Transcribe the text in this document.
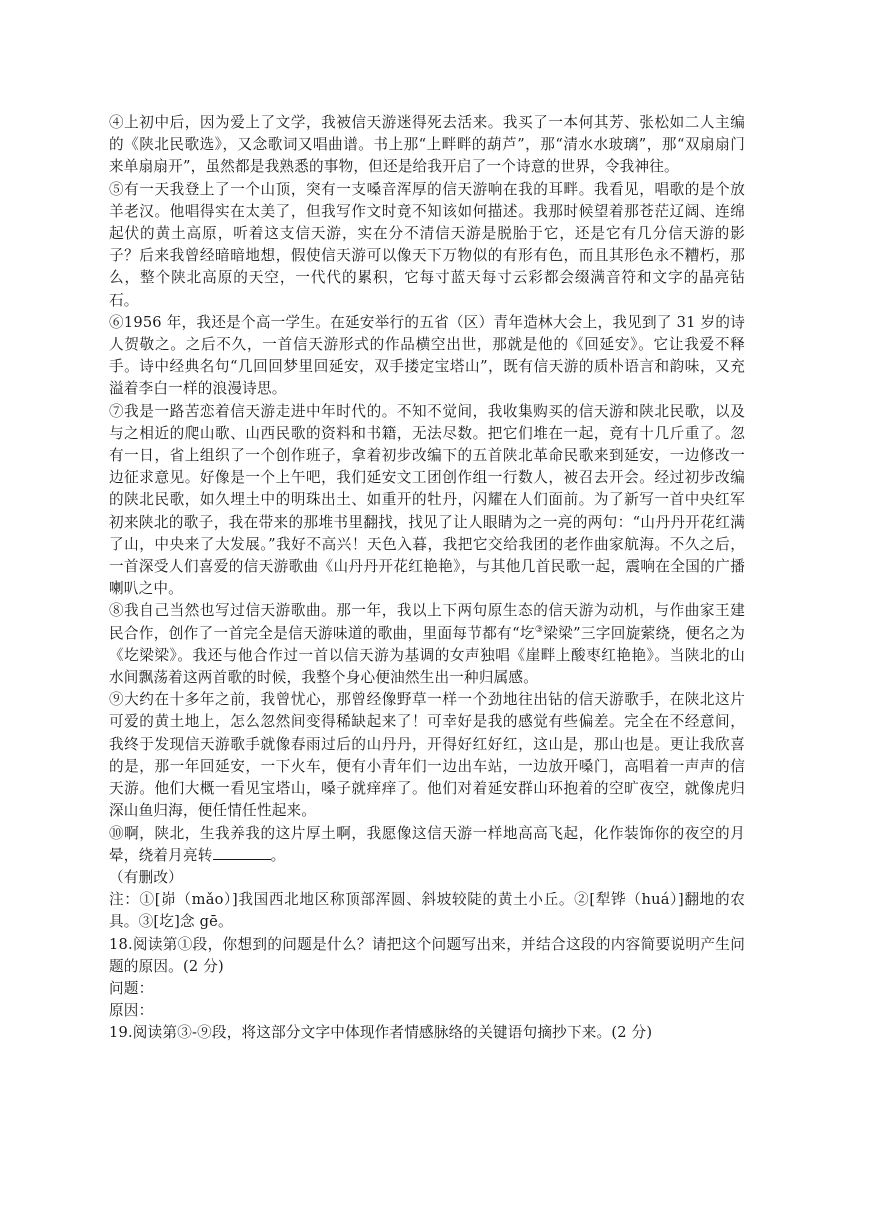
④上初中后，因为爱上了文学，我被信天游迷得死去活来。我买了一本何其芳、张松如二人主编的《陕北民歌选》，又念歌词又唱曲谱。书上那“上畔畔的葫芦”，那“清水水玻璃”，那“双扇扇门来单扇扇开”，虽然都是我熟悉的事物，但还是给我开启了一个诗意的世界，令我神往。

⑤有一天我登上了一个山顶，突有一支嗓音浑厚的信天游响在我的耳畔。我看见，唱歌的是个放羊老汉。他唱得实在太美了，但我写作文时竟不知该如何描述。我那时候望着那苍茫辽阔、连绵起伏的黄土高原，听着这支信天游，实在分不清信天游是脱胎于它，还是它有几分信天游的影子？后来我曾经暗暗地想，假使信天游可以像天下万物似的有形有色，而且其形色永不糟朽，那么，整个陕北高原的天空，一代代的累积，它每寸蓝天每寸云彩都会缀满音符和文字的晶亮钻石。

⑥1956 年，我还是个高一学生。在延安举行的五省（区）青年造林大会上，我见到了 31 岁的诗人贺敬之。之后不久，一首信天游形式的作品横空出世，那就是他的《回延安》。它让我爱不释手。诗中经典名句“几回回梦里回延安，双手搂定宝塔山”，既有信天游的质朴语言和韵味，又充溢着李白一样的浪漫诗思。

⑦我是一路苦恋着信天游走进中年时代的。不知不觉间，我收集购买的信天游和陕北民歌，以及与之相近的爬山歌、山西民歌的资料和书籍，无法尽数。把它们堆在一起，竟有十几斤重了。忽有一日，省上组织了一个创作班子，拿着初步改编下的五首陕北革命民歌来到延安，一边修改一边征求意见。好像是一个上午吧，我们延安文工团创作组一行数人，被召去开会。经过初步改编的陕北民歌，如久埋土中的明珠出土、如重开的牡丹，闪耀在人们面前。为了新写一首中央红军初来陕北的歌子，我在带来的那堆书里翻找，找见了让人眼睛为之一亮的两句：“山丹丹开花红满了山，中央来了大发展。”我好不高兴！天色入暮，我把它交给我团的老作曲家航海。不久之后，一首深受人们喜爱的信天游歌曲《山丹丹开花红艳艳》，与其他几首民歌一起，震响在全国的广播喇叭之中。

⑧我自己当然也写过信天游歌曲。那一年，我以上下两句原生态的信天游为动机，与作曲家王建民合作，创作了一首完全是信天游味道的歌曲，里面每节都有“圪③梁梁”三字回旋萦绕，便名之为《圪梁梁》。我还与他合作过一首以信天游为基调的女声独唱《崖畔上酸枣红艳艳》。当陕北的山水间飘荡着这两首歌的时候，我整个身心便油然生出一种归属感。

⑨大约在十多年之前，我曾忧心，那曾经像野草一样一个劲地往出钻的信天游歌手，在陕北这片可爱的黄土地上，怎么忽然间变得稀缺起来了！可幸好是我的感觉有些偏差。完全在不经意间，我终于发现信天游歌手就像春雨过后的山丹丹，开得好红好红，这山是，那山也是。更让我欣喜的是，那一年回延安，一下火车，便有小青年们一边出车站，一边放开嗓门，高唱着一声声的信天游。他们大概一看见宝塔山，嗓子就痒痒了。他们对着延安群山环抱着的空旷夜空，就像虎归深山鱼归海，便任情任性起来。

⑩啊，陕北，生我养我的这片厚土啊，我愿像这信天游一样地高高飞起，化作装饰你的夜空的月晕，绕着月亮转	。

（有删改）

注：①[峁（mǎo）]我国西北地区称顶部浑圆、斜坡较陡的黄土小丘。②[犁铧（huá）]翻地的农具。③[圪]念 gē。

18.阅读第①段，你想到的问题是什么？请把这个问题写出来，并结合这段的内容简要说明产生问题的原因。(2 分)

问题：

原因：

19.阅读第③-⑨段，将这部分文字中体现作者情感脉络的关键语句摘抄下来。(2 分)
